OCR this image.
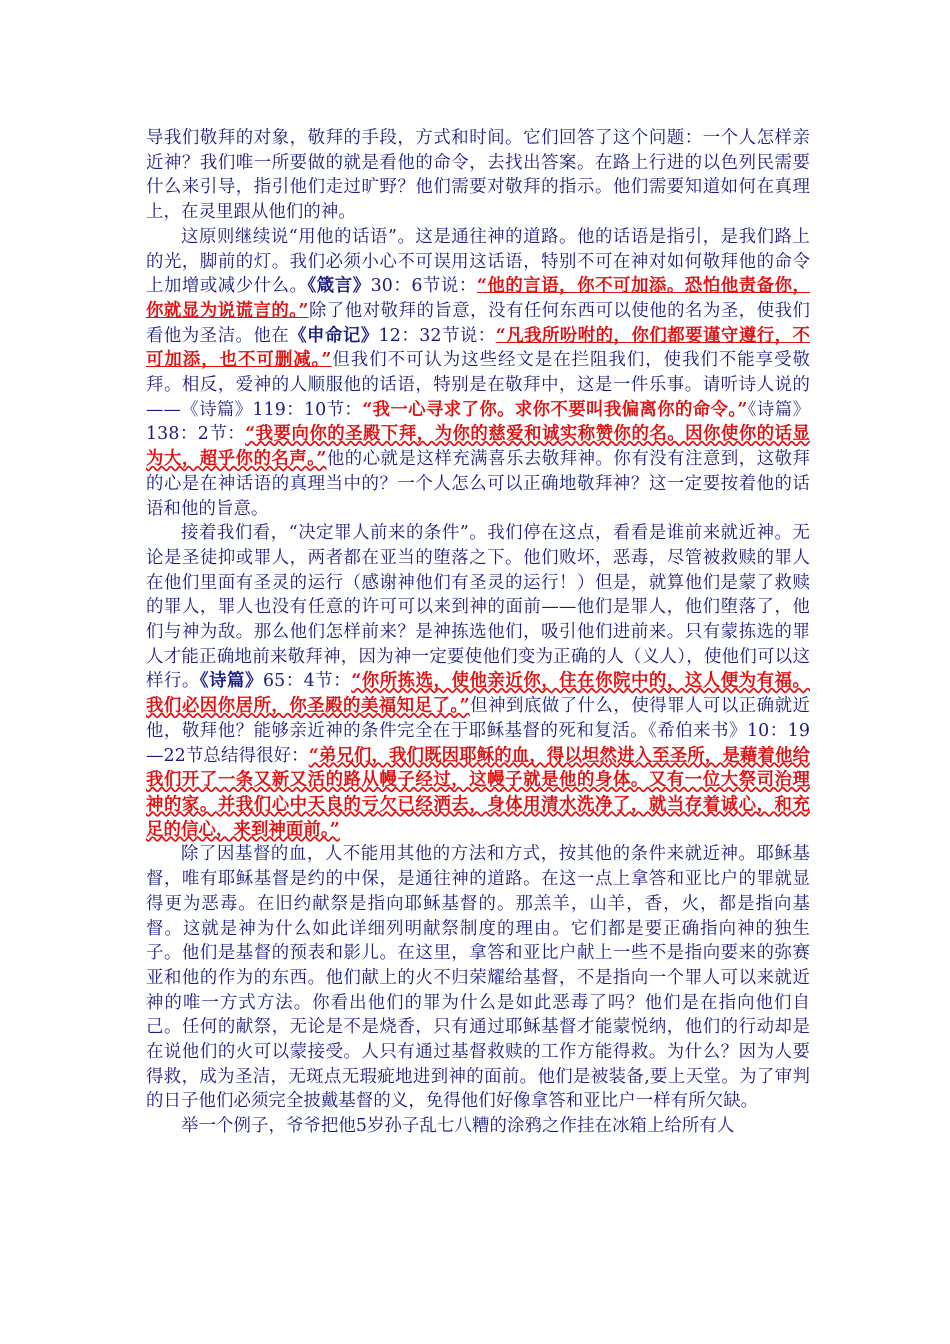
导我们敬拜的对象，敬拜的手段，方式和时间。它们回答了这个问题：一个人怎样亲近神？我们唯一所要做的就是看他的命令，去找出答案。在路上行进的以色列民需要什么来引导，指引他们走过旷野？他们需要对敬拜的指示。他们需要知道如何在真理上，在灵里跟从他们的神。

这原则继续说“用他的话语”。这是通往神的道路。他的话语是指引，是我们路上的光，脚前的灯。我们必须小心不可误用这话语，特别不可在神对如何敬拜他的命令上加增或减少什么。《箴言》30：6节说：“他的言语，你不可加添。恐怕他责备你，你就显为说谎言的。”除了他对敬拜的旨意，没有任何东西可以使他的名为圣，使我们看他为圣洁。他在《申命记》12：32节说：“凡我所吩咐的，你们都要谨守遵行，不可加添，也不可删减。”但我们不可认为这些经文是在拦阻我们，使我们不能享受敬拜。相反，爱神的人顺服他的话语，特别是在敬拜中，这是一件乐事。请听诗人说的——《诗篇》119：10节：“我一心寻求了你。求你不要叫我偏离你的命令。”《诗篇》138：2节：“我要向你的圣殿下拜，为你的慈爱和诚实称赞你的名。因你使你的话显为大，超乎你的名声。”他的心就是这样充满喜乐去敬拜神。你有没有注意到，这敬拜的心是在神话语的真理当中的？一个人怎么可以正确地敬拜神？这一定要按着他的话语和他的旨意。

接着我们看，“决定罪人前来的条件”。我们停在这点，看看是谁前来就近神。无论是圣徒抑或罪人，两者都在亚当的堕落之下。他们败坏，恶毒，尽管被救赎的罪人在他们里面有圣灵的运行（感谢神他们有圣灵的运行！）但是，就算他们是蒙了救赎的罪人，罪人也没有任意的许可可以来到神的面前——他们是罪人，他们堕落了，他们与神为敌。那么他们怎样前来？是神拣选他们，吸引他们进前来。只有蒙拣选的罪人才能正确地前来敬拜神，因为神一定要使他们变为正确的人（义人），使他们可以这样行。《诗篇》65：4节：“你所拣选，使他亲近你，住在你院中的，这人便为有福。我们必因你居所，你圣殿的美福知足了。”但神到底做了什么，使得罪人可以正确就近他，敬拜他？能够亲近神的条件完全在于耶稣基督的死和复活。《希伯来书》10：19—22节总结得很好：“弟兄们，我们既因耶稣的血，得以坦然进入至圣所，是藉着他给我们开了一条又新又活的路从幔子经过，这幔子就是他的身体。又有一位大祭司治理神的家。并我们心中天良的亏欠已经洒去，身体用清水洗净了，就当存着诚心，和充足的信心，来到神面前。”

除了因基督的血，人不能用其他的方法和方式，按其他的条件来就近神。耶稣基督，唯有耶稣基督是约的中保，是通往神的道路。在这一点上拿答和亚比户的罪就显得更为恶毒。在旧约献祭是指向耶稣基督的。那羔羊，山羊，香，火，都是指向基督。这就是神为什么如此详细列明献祭制度的理由。它们都是要正确指向神的独生子。他们是基督的预表和影儿。在这里，拿答和亚比户献上一些不是指向要来的弥赛亚和他的作为的东西。他们献上的火不归荣耀给基督，不是指向一个罪人可以来就近神的唯一方式方法。你看出他们的罪为什么是如此恶毒了吗？他们是在指向他们自己。任何的献祭，无论是不是烧香，只有通过耶稣基督才能蒙悦纳，他们的行动却是在说他们的火可以蒙接受。人只有通过基督救赎的工作方能得救。为什么？因为人要得救，成为圣洁，无斑点无瑕疵地进到神的面前。他们是被装备,要上天堂。为了审判的日子他们必须完全披戴基督的义，免得他们好像拿答和亚比户一样有所欠缺。

举一个例子，爷爷把他5岁孙子乱七八糟的涂鸦之作挂在冰箱上给所有人
